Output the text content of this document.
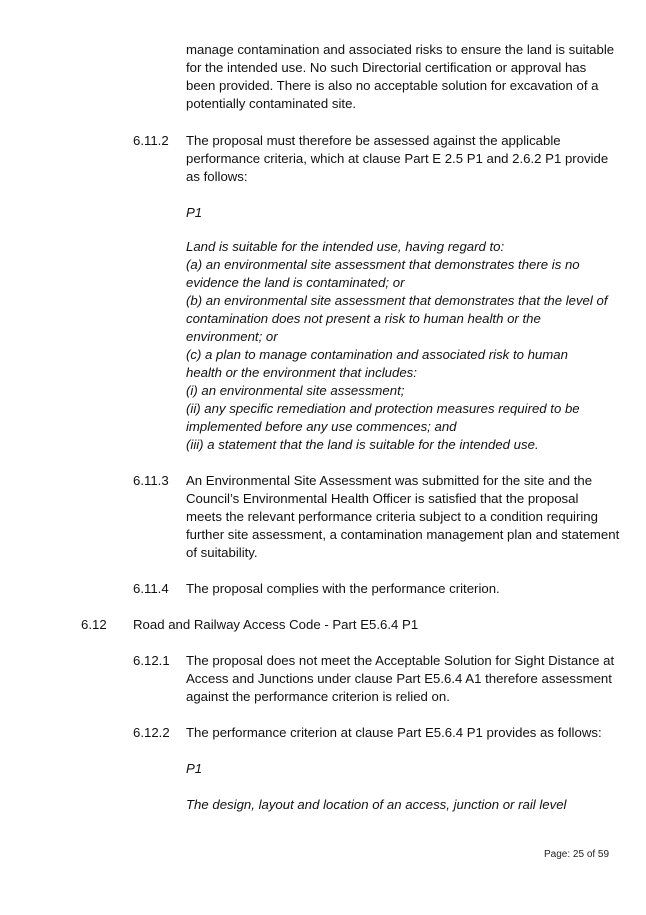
manage contamination and associated risks to ensure the land is suitable
for the intended use. No such Directorial certification or approval has
been provided. There is also no acceptable solution for excavation of a
potentially contaminated site.
6.11.2 The proposal must therefore be assessed against the applicable
performance criteria, which at clause Part E 2.5 P1 and 2.6.2 P1 provide
as follows:
P1
Land is suitable for the intended use, having regard to:
(a) an environmental site assessment that demonstrates there is no
evidence the land is contaminated; or
(b) an environmental site assessment that demonstrates that the level of
contamination does not present a risk to human health or the
environment; or
(c) a plan to manage contamination and associated risk to human
health or the environment that includes:
(i) an environmental site assessment;
(ii) any specific remediation and protection measures required to be
implemented before any use commences; and
(iii) a statement that the land is suitable for the intended use.
6.11.3 An Environmental Site Assessment was submitted for the site and the
Council’s Environmental Health Officer is satisfied that the proposal
meets the relevant performance criteria subject to a condition requiring
further site assessment, a contamination management plan and statement
of suitability.
6.11.4 The proposal complies with the performance criterion.
6.12 Road and Railway Access Code - Part E5.6.4 P1
6.12.1 The proposal does not meet the Acceptable Solution for Sight Distance at
Access and Junctions under clause Part E5.6.4 A1 therefore assessment
against the performance criterion is relied on.
6.12.2 The performance criterion at clause Part E5.6.4 P1 provides as follows:
P1
The design, layout and location of an access, junction or rail level
Page: 25 of 59
